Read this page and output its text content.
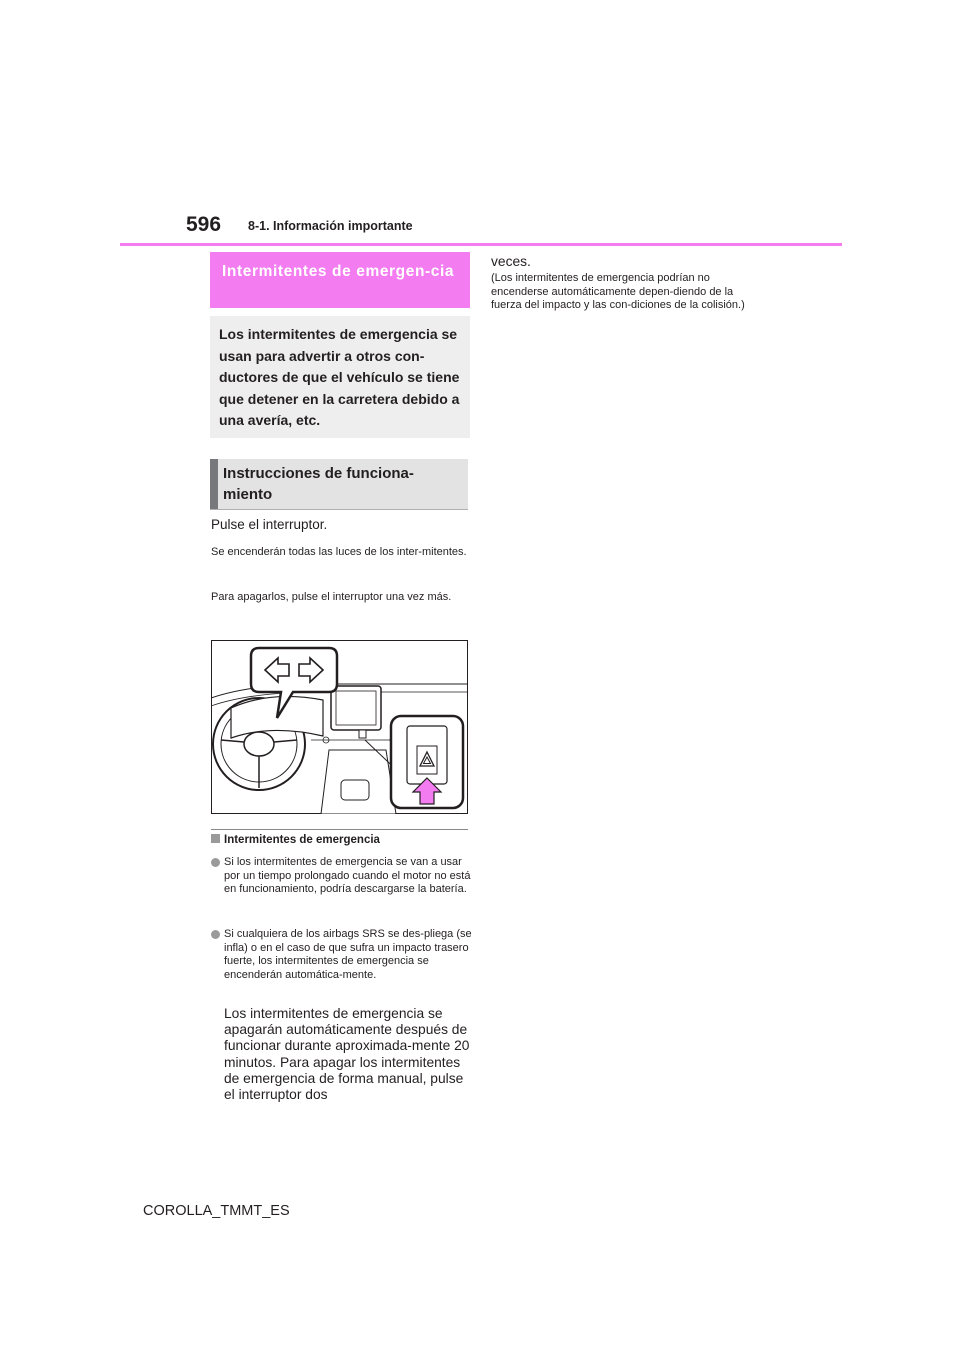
596 8-1. Información importante
Intermitentes de emergen-cia
Los intermitentes de emergencia se usan para advertir a otros con-ductores de que el vehículo se tiene que detener en la carretera debido a una avería, etc.
Instrucciones de funciona-miento
Pulse el interruptor.
Se encenderán todas las luces de los inter-mitentes.
Para apagarlos, pulse el interruptor una vez más.
Intermitentes de emergencia
Si los intermitentes de emergencia se van a usar por un tiempo prolongado cuando el motor no está en funcionamiento, podría descargarse la batería.
Si cualquiera de los airbags SRS se des-pliega (se infla) o en el caso de que sufra un impacto trasero fuerte, los intermitentes de emergencia se encenderán automática-mente.
Los intermitentes de emergencia se apagarán automáticamente después de funcionar durante aproximada-mente 20 minutos. Para apagar los intermitentes de emergencia de forma manual, pulse el interruptor dos
veces.
(Los intermitentes de emergencia podrían no encenderse automáticamente depen-diendo de la fuerza del impacto y las con-diciones de la colisión.)
COROLLA_TMMT_ES
